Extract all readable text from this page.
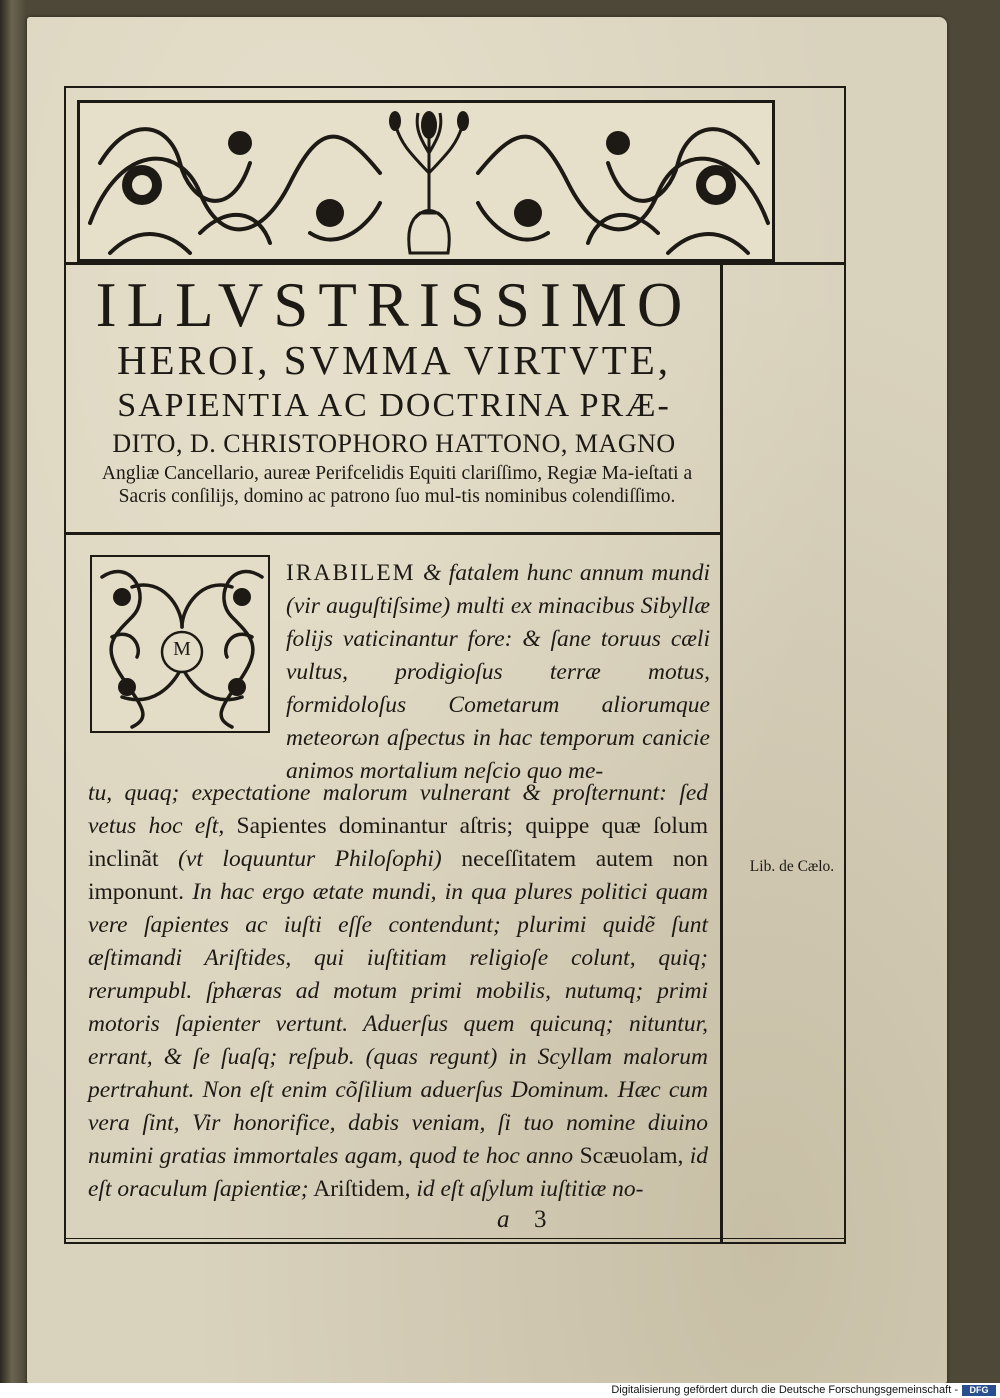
ILLVSTRISSIMO
HEROI, SVMMA VIRTVTE,
SAPIENTIA AC DOCTRINA PRÆ-
DITO, D. CHRISTOPHORO HATTONO, MAGNO
Angliæ Cancellario, aureæ Perifcelidis Equiti clariſſimo, Regiæ Ma-ieſtati a Sacris conſilijs, domino ac patrono ſuo mul-tis nominibus colendiſſimo.
M
IRABILEM & fatalem hunc annum mundi (vir auguſtiſsime) multi ex minacibus Sibyllæ folijs vaticinantur fore: & ſane toruus cæli vultus, prodigioſus terræ motus, formidoloſus Cometarum aliorumque meteorωn aſpectus in hac temporum canicie animos mortalium neſcio quo me-
tu, quaq; expectatione malorum vulnerant & proſternunt: ſed vetus hoc eſt, Sapientes dominantur aſtris; quippe quæ ſolum inclinãt (vt loquuntur Philoſophi) neceſſitatem autem non imponunt. In hac ergo ætate mundi, in qua plures politici quam vere ſapientes ac iuſti eſſe contendunt; plurimi quidẽ ſunt æſtimandi Ariſtides, qui iuſtitiam religioſe colunt, quiq; rerumpubl. ſphæras ad motum primi mobilis, nutumq; primi motoris ſapienter vertunt. Aduerſus quem quicunq; nituntur, errant, & ſe ſuaſq; reſpub. (quas regunt) in Scyllam malorum pertrahunt. Non eſt enim cõſilium aduerſus Dominum. Hæc cum vera ſint, Vir honorifice, dabis veniam, ſi tuo nomine diuino numini gratias immortales agam, quod te hoc anno Scæuolam, id eſt oraculum ſapientiæ; Ariſtidem, id eſt aſylum iuſtitiæ no-
Lib. de Cælo.
a 3
Digitalisierung gefördert durch die Deutsche Forschungsgemeinschaft -	DFG
